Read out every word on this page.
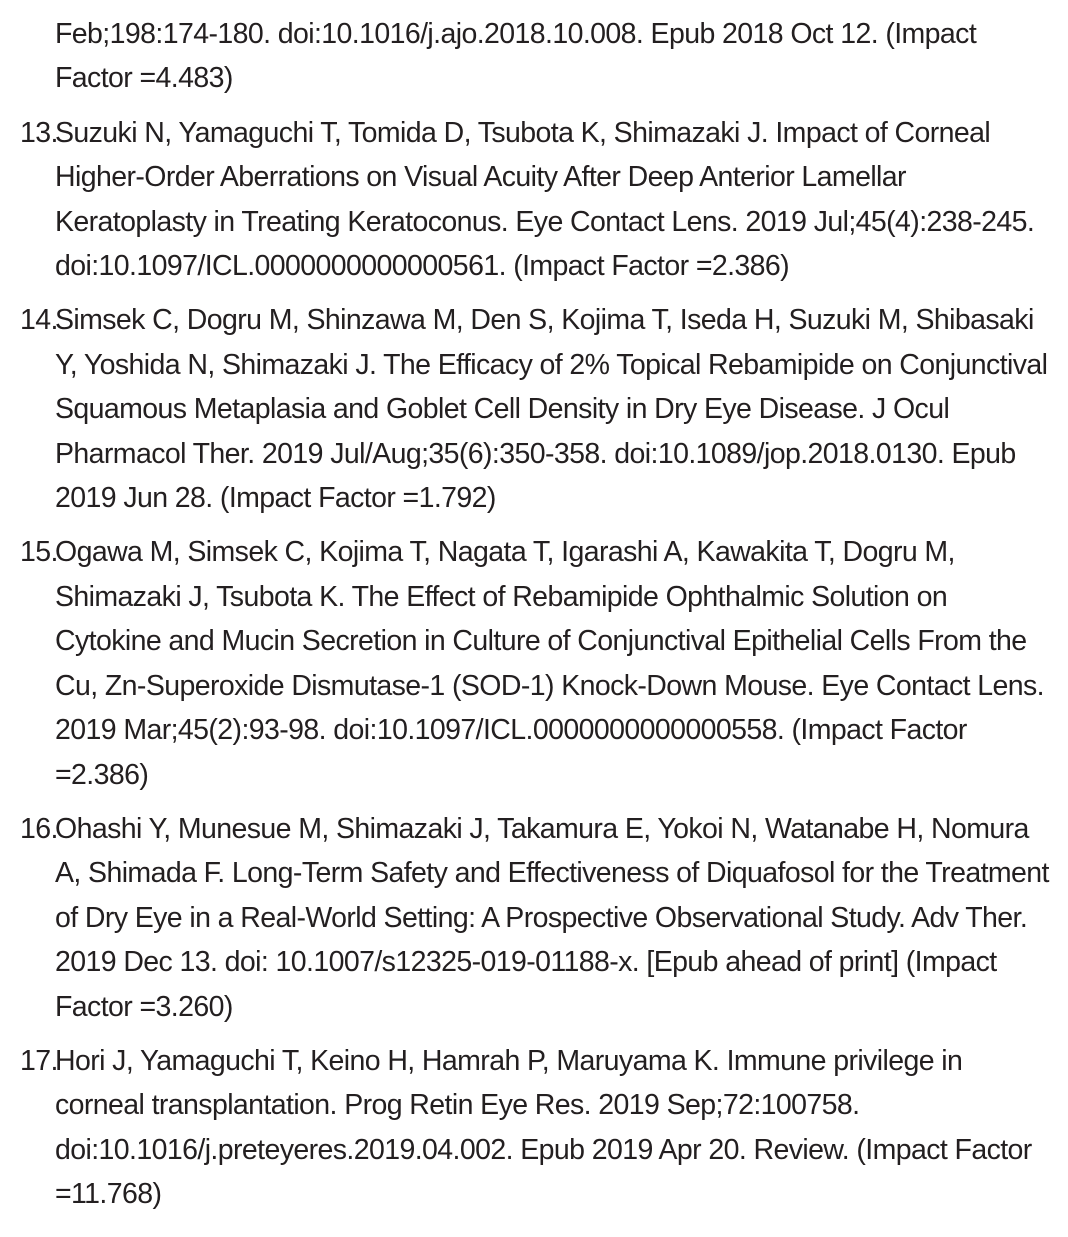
Feb;198:174-180. doi:10.1016/j.ajo.2018.10.008. Epub 2018 Oct 12. (Impact Factor =4.483)
13.
Suzuki N, Yamaguchi T, Tomida D, Tsubota K, Shimazaki J. Impact of Corneal Higher-Order Aberrations on Visual Acuity After Deep Anterior Lamellar Keratoplasty in Treating Keratoconus. Eye Contact Lens. 2019 Jul;45(4):238-245. doi:10.1097/ICL.0000000000000561. (Impact Factor =2.386)
14.
Simsek C, Dogru M, Shinzawa M, Den S, Kojima T, Iseda H, Suzuki M, Shibasaki Y, Yoshida N, Shimazaki J. The Efficacy of 2% Topical Rebamipide on Conjunctival Squamous Metaplasia and Goblet Cell Density in Dry Eye Disease. J Ocul Pharmacol Ther. 2019 Jul/Aug;35(6):350-358. doi:10.1089/jop.2018.0130. Epub 2019 Jun 28. (Impact Factor =1.792)
15.
Ogawa M, Simsek C, Kojima T, Nagata T, Igarashi A, Kawakita T, Dogru M, Shimazaki J, Tsubota K. The Effect of Rebamipide Ophthalmic Solution on Cytokine and Mucin Secretion in Culture of Conjunctival Epithelial Cells From the Cu, Zn-Superoxide Dismutase-1 (SOD-1) Knock-Down Mouse. Eye Contact Lens. 2019 Mar;45(2):93-98. doi:10.1097/ICL.0000000000000558. (Impact Factor =2.386)
16.
Ohashi Y, Munesue M, Shimazaki J, Takamura E, Yokoi N, Watanabe H, Nomura A, Shimada F. Long-Term Safety and Effectiveness of Diquafosol for the Treatment of Dry Eye in a Real-World Setting: A Prospective Observational Study. Adv Ther. 2019 Dec 13. doi: 10.1007/s12325-019-01188-x. [Epub ahead of print] (Impact Factor =3.260)
17.
Hori J, Yamaguchi T, Keino H, Hamrah P, Maruyama K. Immune privilege in corneal transplantation. Prog Retin Eye Res. 2019 Sep;72:100758. doi:10.1016/j.preteyeres.2019.04.002. Epub 2019 Apr 20. Review. (Impact Factor =11.768)
